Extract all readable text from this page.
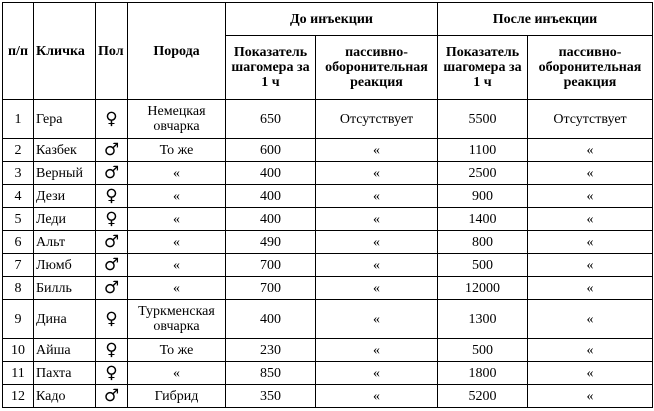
п/п	Кличка	Пол	Порода	До инъекции		После инъекции	
				Показатель шагомера за 1 ч	пассивно-оборонительная реакция	Показатель шагомера за 1 ч	пассивно-оборонительная реакция
1	Гера	♀	Немецкая овчарка	650	Отсутствует	5500	Отсутствует
2	Казбек	♂	То же	600	«	1100	«
3	Верный	♂	«	400	«	2500	«
4	Дези	♀	«	400	«	900	«
5	Леди	♀	«	400	«	1400	«
6	Альт	♂	«	490	«	800	«
7	Люмб	♂	«	700	«	500	«
8	Билль	♂	«	700	«	12000	«
9	Дина	♀	Туркменская овчарка	400	«	1300	«
10	Айша	♀	То же	230	«	500	«
11	Пахта	♀	«	850	«	1800	«
12	Кадо	♂	Гибрид	350	«	5200	«
